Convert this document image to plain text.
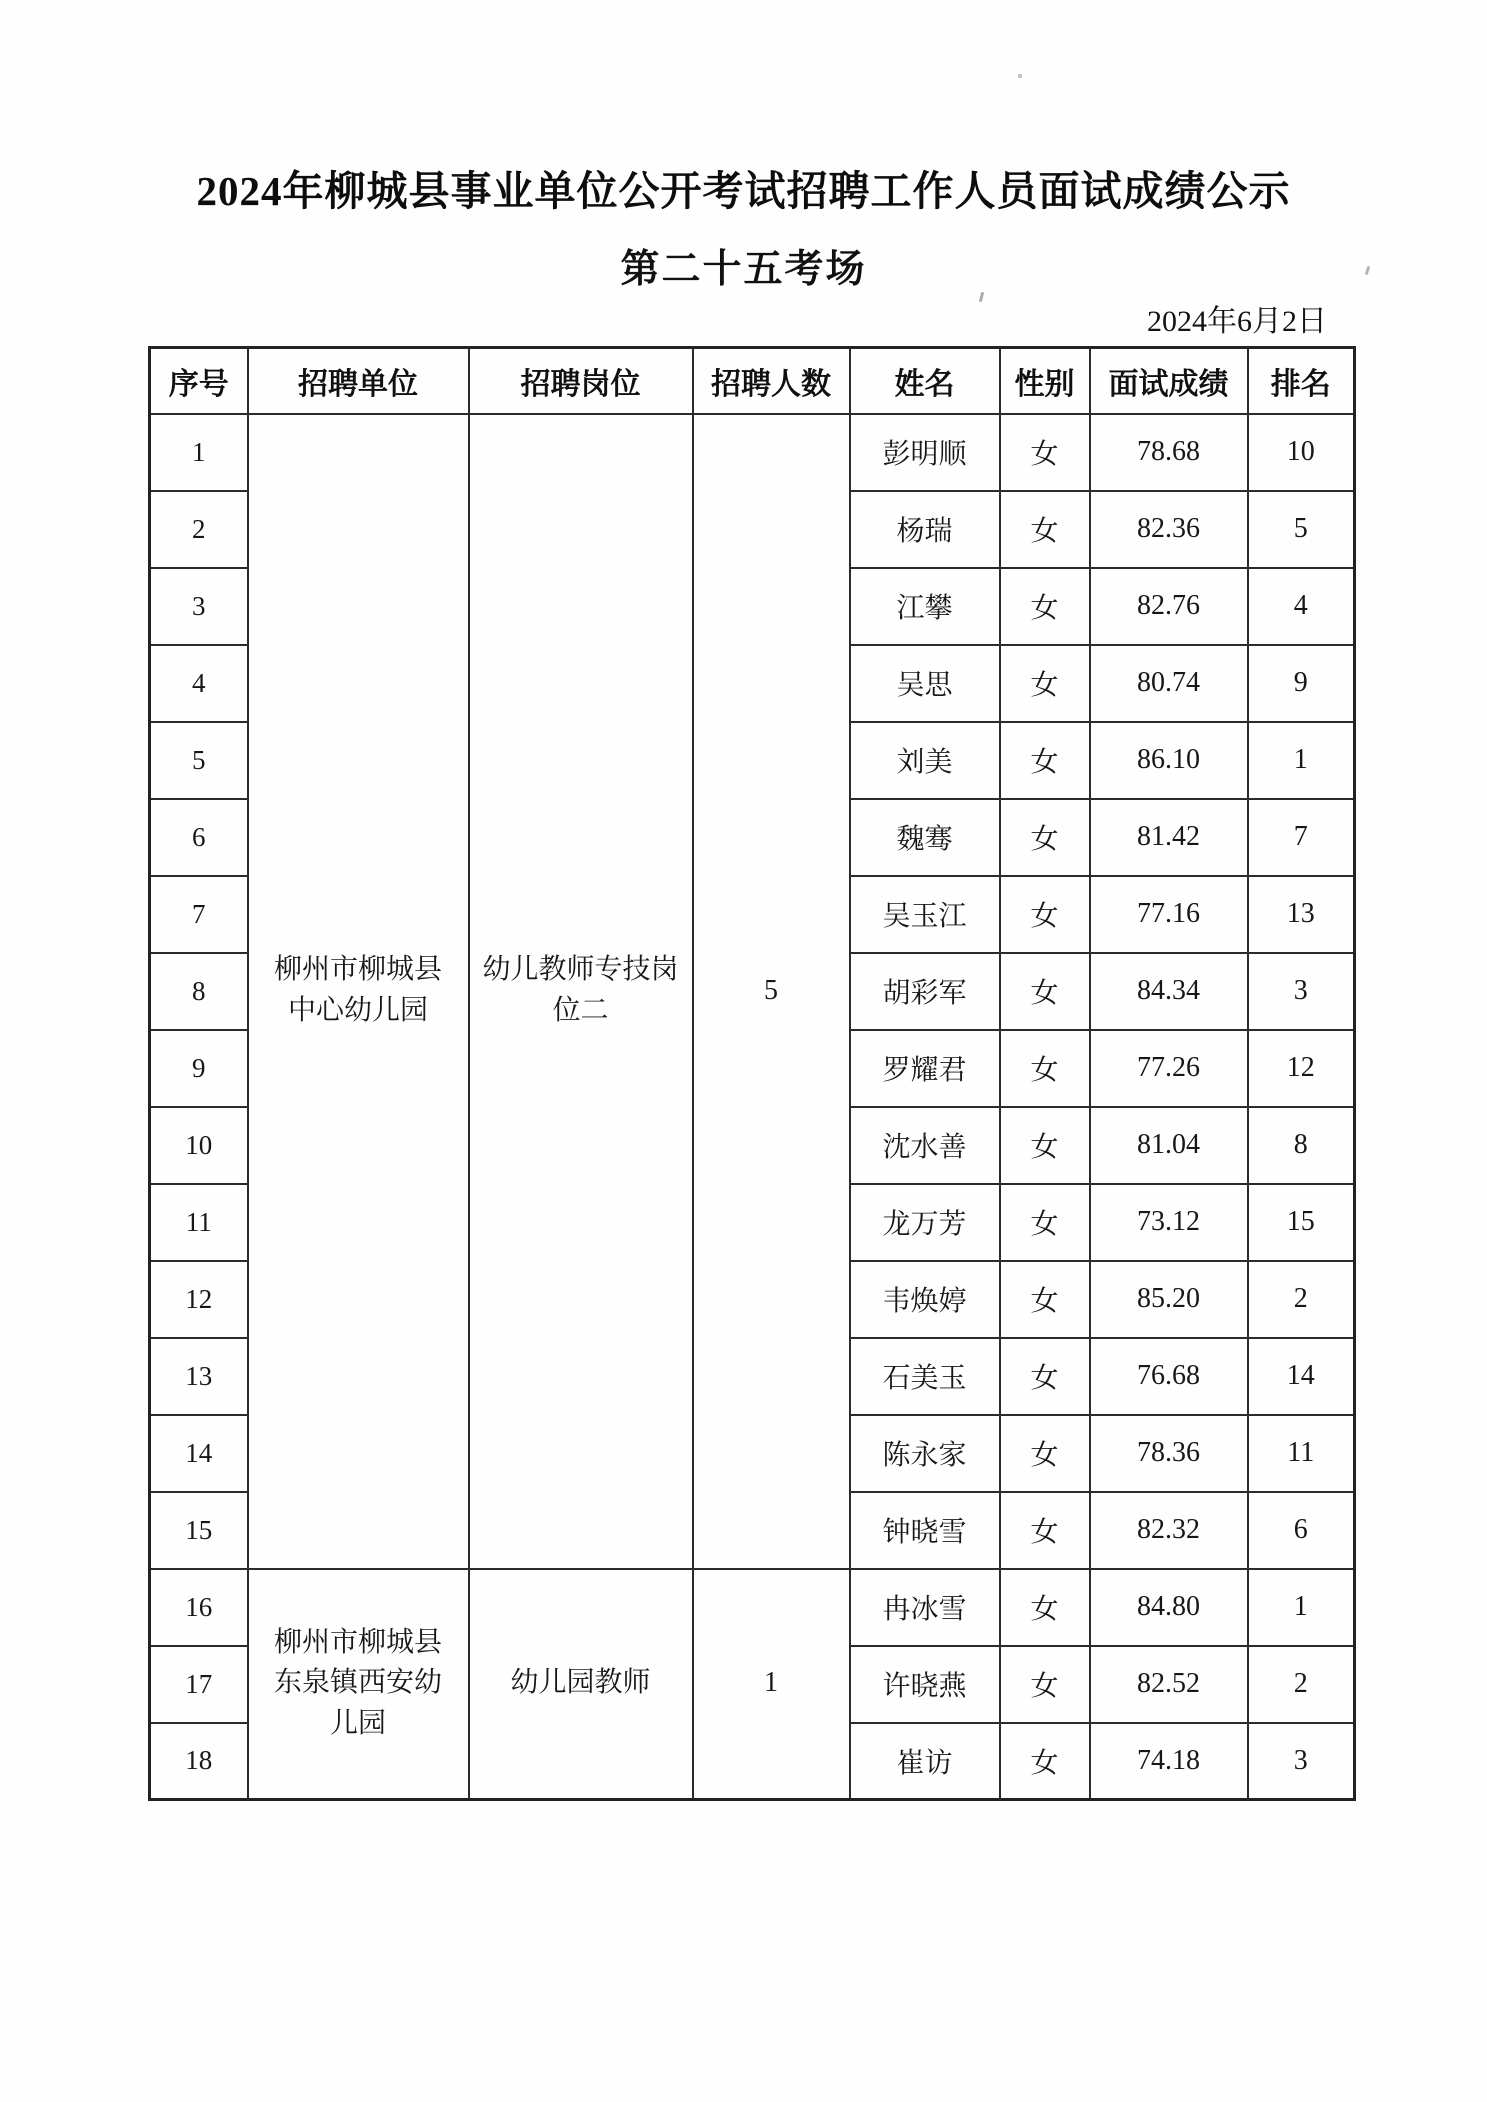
2024年柳城县事业单位公开考试招聘工作人员面试成绩公示
第二十五考场
2024年6月2日
序号	招聘单位	招聘岗位	招聘人数	姓名	性别	面试成绩	排名
1	柳州市柳城县中心幼儿园	幼儿教师专技岗位二	5	彭明顺	女	78.68	10
2				杨瑞	女	82.36	5
3				江攀	女	82.76	4
4				吴思	女	80.74	9
5				刘美	女	86.10	1
6				魏骞	女	81.42	7
7				吴玉江	女	77.16	13
8				胡彩军	女	84.34	3
9				罗耀君	女	77.26	12
10				沈水善	女	81.04	8
11				龙万芳	女	73.12	15
12				韦焕婷	女	85.20	2
13				石美玉	女	76.68	14
14				陈永家	女	78.36	11
15				钟晓雪	女	82.32	6
16	柳州市柳城县东泉镇西安幼儿园	幼儿园教师	1	冉冰雪	女	84.80	1
17				许晓燕	女	82.52	2
18				崔访	女	74.18	3
